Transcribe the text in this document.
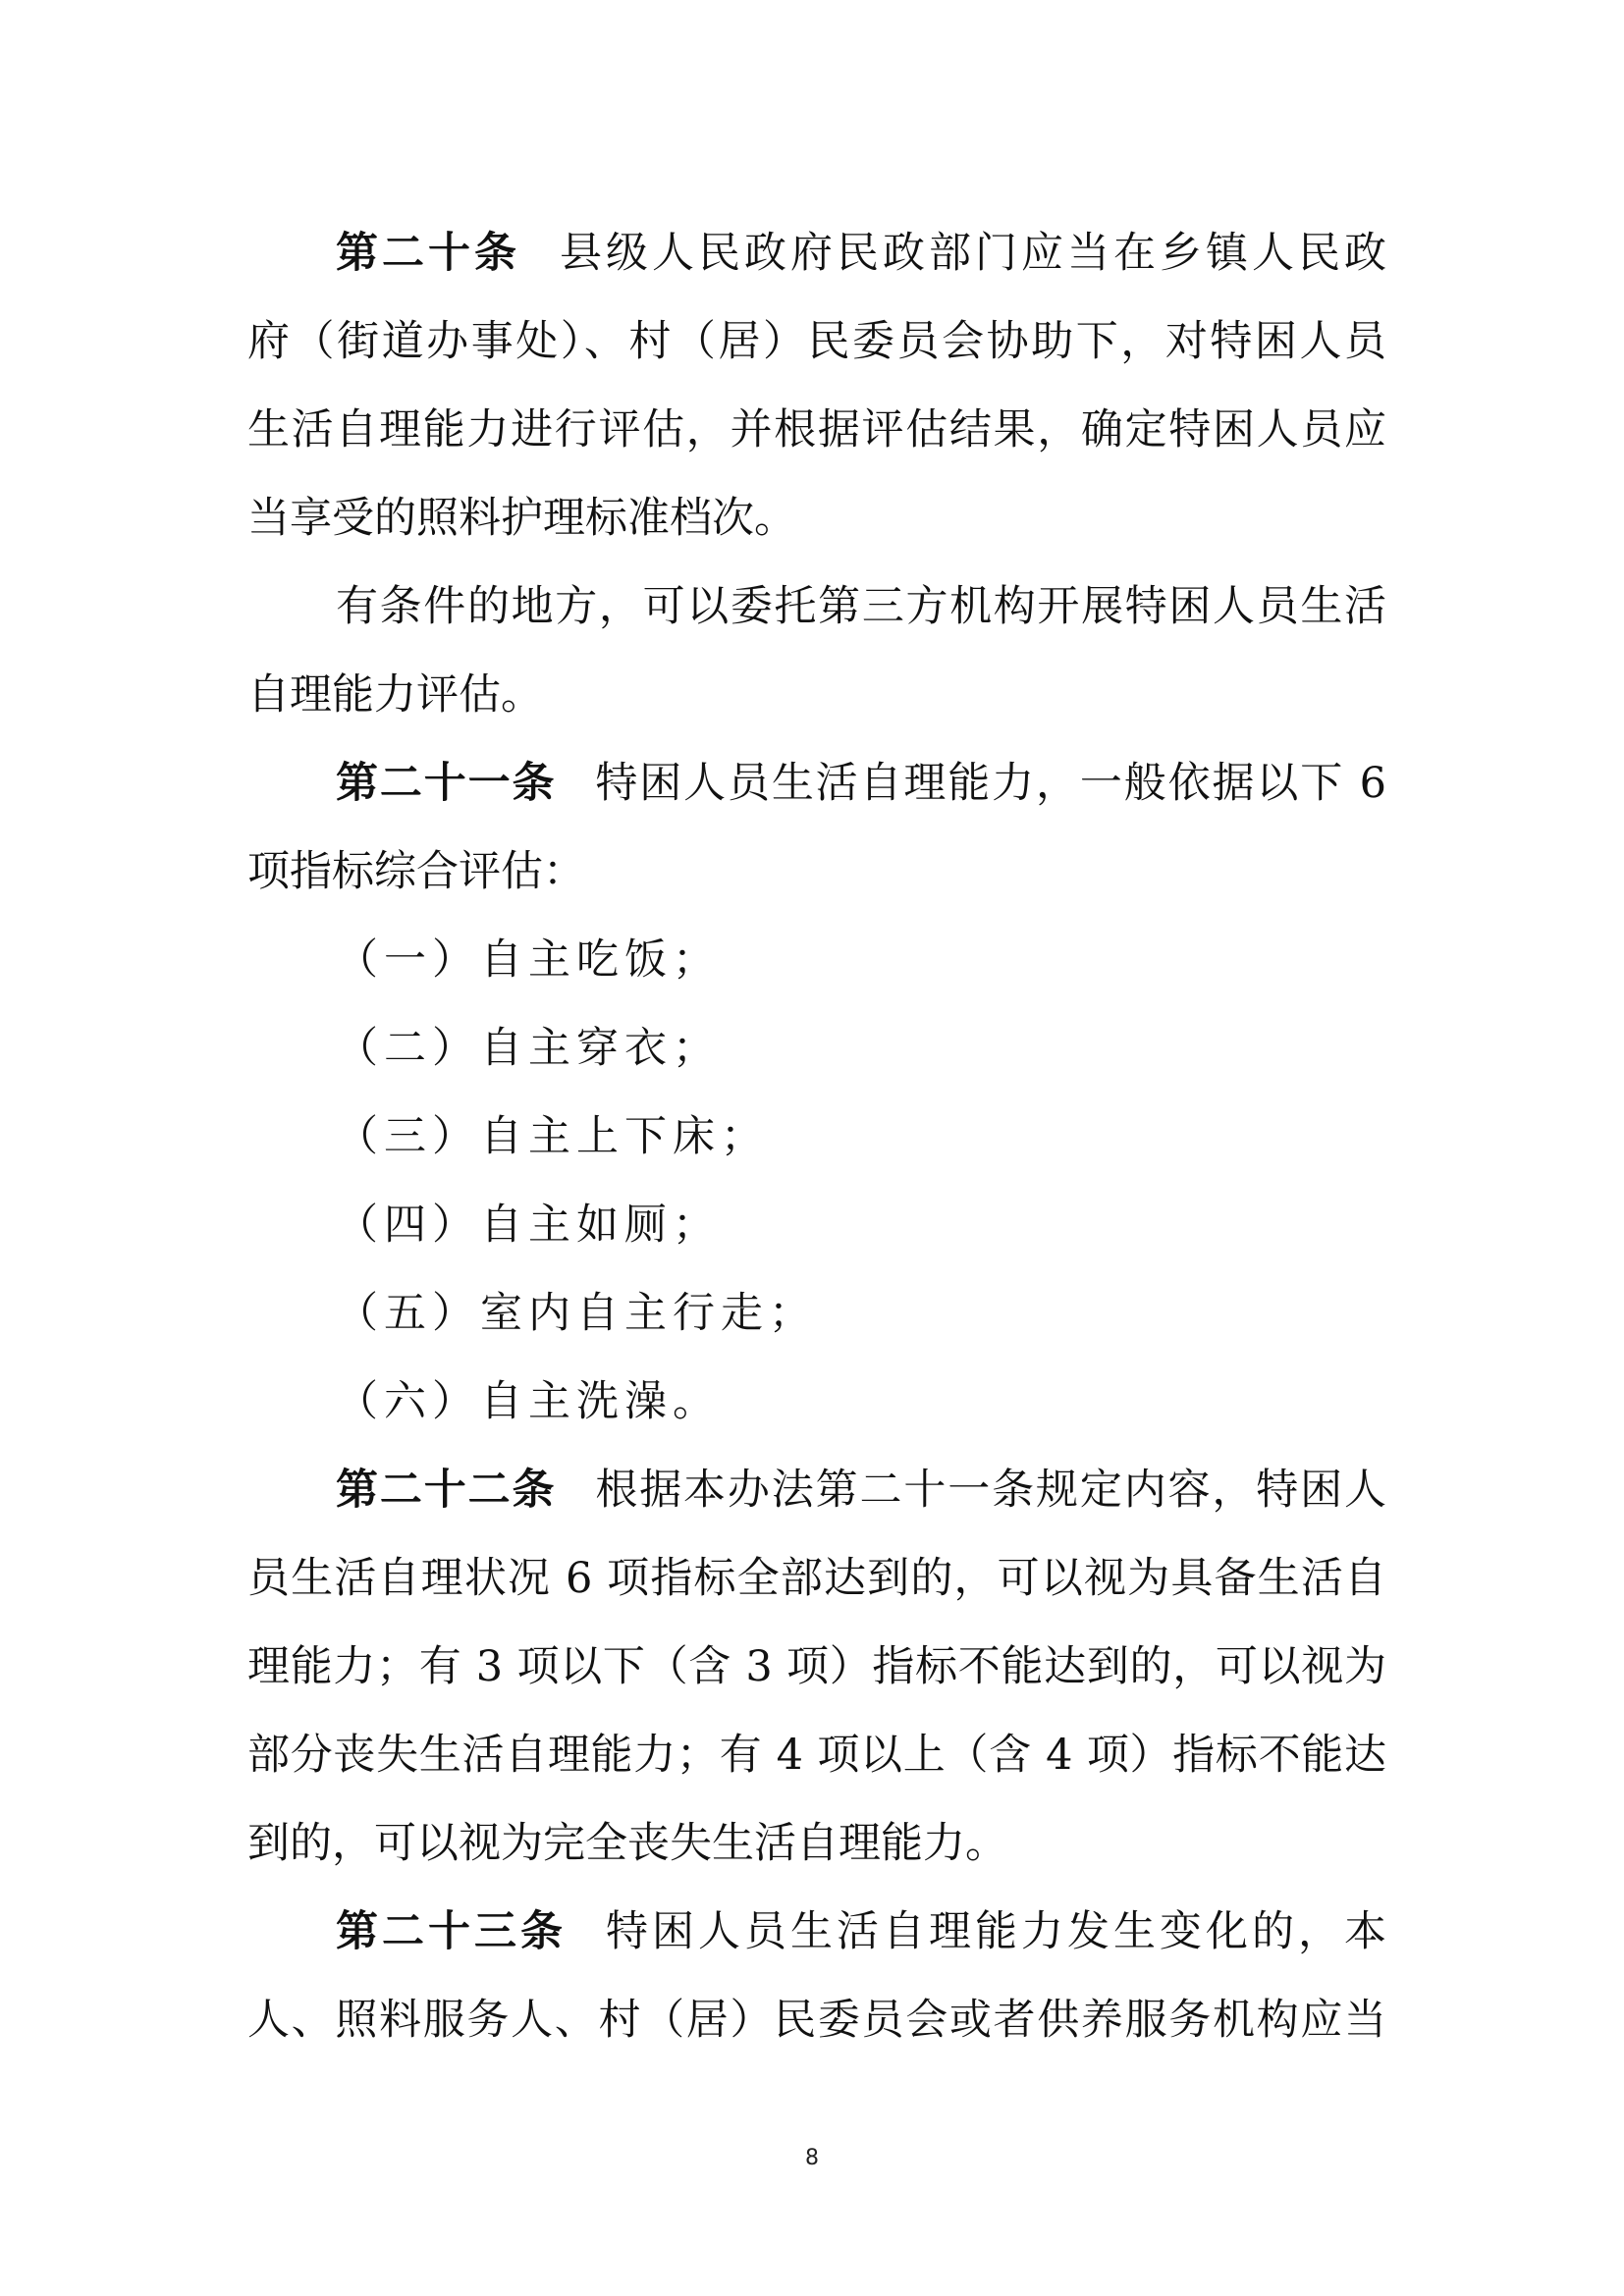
第二十条 县级人民政府民政部门应当在乡镇人民政
府（街道办事处）、村（居）民委员会协助下，对特困人员
生活自理能力进行评估，并根据评估结果，确定特困人员应
当享受的照料护理标准档次。
有条件的地方，可以委托第三方机构开展特困人员生活
自理能力评估。
第二十一条 特困人员生活自理能力，一般依据以下 6
项指标综合评估：
（一）自主吃饭；
（二）自主穿衣；
（三）自主上下床；
（四）自主如厕；
（五）室内自主行走；
（六）自主洗澡。
第二十二条 根据本办法第二十一条规定内容，特困人
员生活自理状况 6 项指标全部达到的，可以视为具备生活自
理能力；有 3 项以下（含 3 项）指标不能达到的，可以视为
部分丧失生活自理能力；有 4 项以上（含 4 项）指标不能达
到的，可以视为完全丧失生活自理能力。
第二十三条 特困人员生活自理能力发生变化的，本
人、照料服务人、村（居）民委员会或者供养服务机构应当
8
